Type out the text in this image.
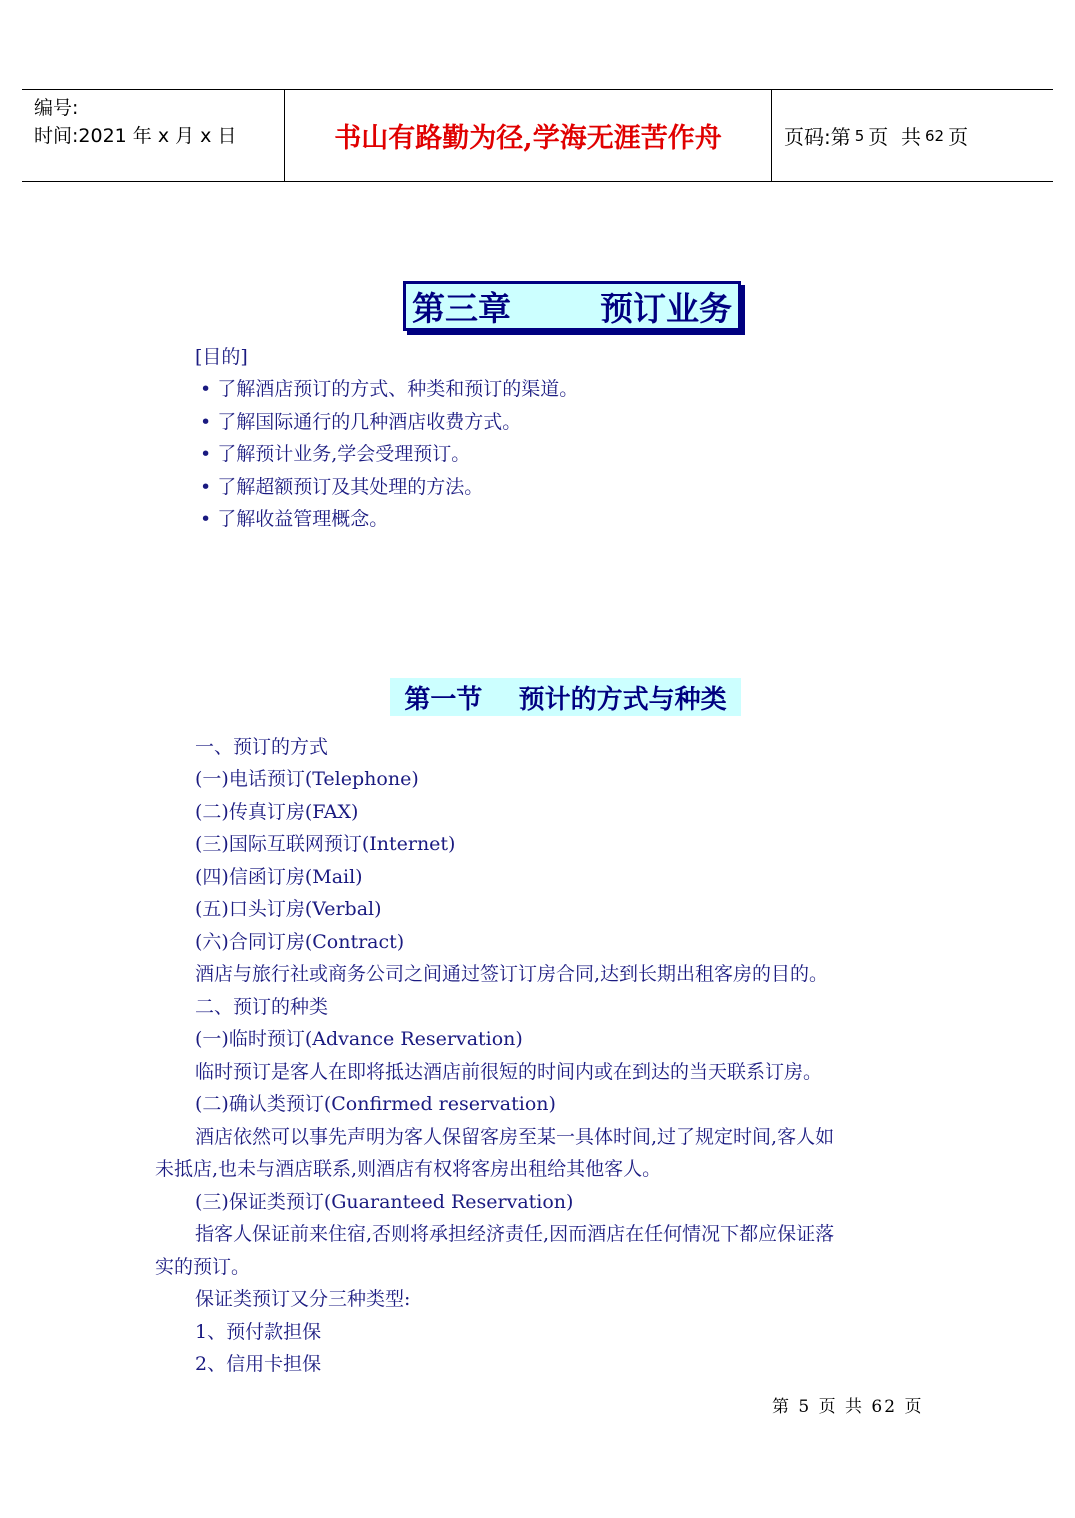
编号:
时间:2021 年 x 月 x 日	书山有路勤为径,学海无涯苦作舟	页码:第 5 页  共 62 页
第三章	预订业务
[目的]
• 了解酒店预订的方式、种类和预订的渠道。
• 了解国际通行的几种酒店收费方式。
• 了解预计业务,学会受理预订。
• 了解超额预订及其处理的方法。
• 了解收益管理概念。
第一节    预计的方式与种类
一、预订的方式
(一)电话预订(Telephone)
(二)传真订房(FAX)
(三)国际互联网预订(Internet)
(四)信函订房(Mail)
(五)口头订房(Verbal)
(六)合同订房(Contract)
酒店与旅行社或商务公司之间通过签订订房合同,达到长期出租客房的目的。
二、预订的种类
(一)临时预订(Advance Reservation)
临时预订是客人在即将抵达酒店前很短的时间内或在到达的当天联系订房。
(二)确认类预订(Confirmed reservation)
酒店依然可以事先声明为客人保留客房至某一具体时间,过了规定时间,客人如
未抵店,也未与酒店联系,则酒店有权将客房出租给其他客人。
(三)保证类预订(Guaranteed Reservation)
指客人保证前来住宿,否则将承担经济责任,因而酒店在任何情况下都应保证落
实的预订。
保证类预订又分三种类型:
1、预付款担保
2、信用卡担保
第 5 页 共 62 页
